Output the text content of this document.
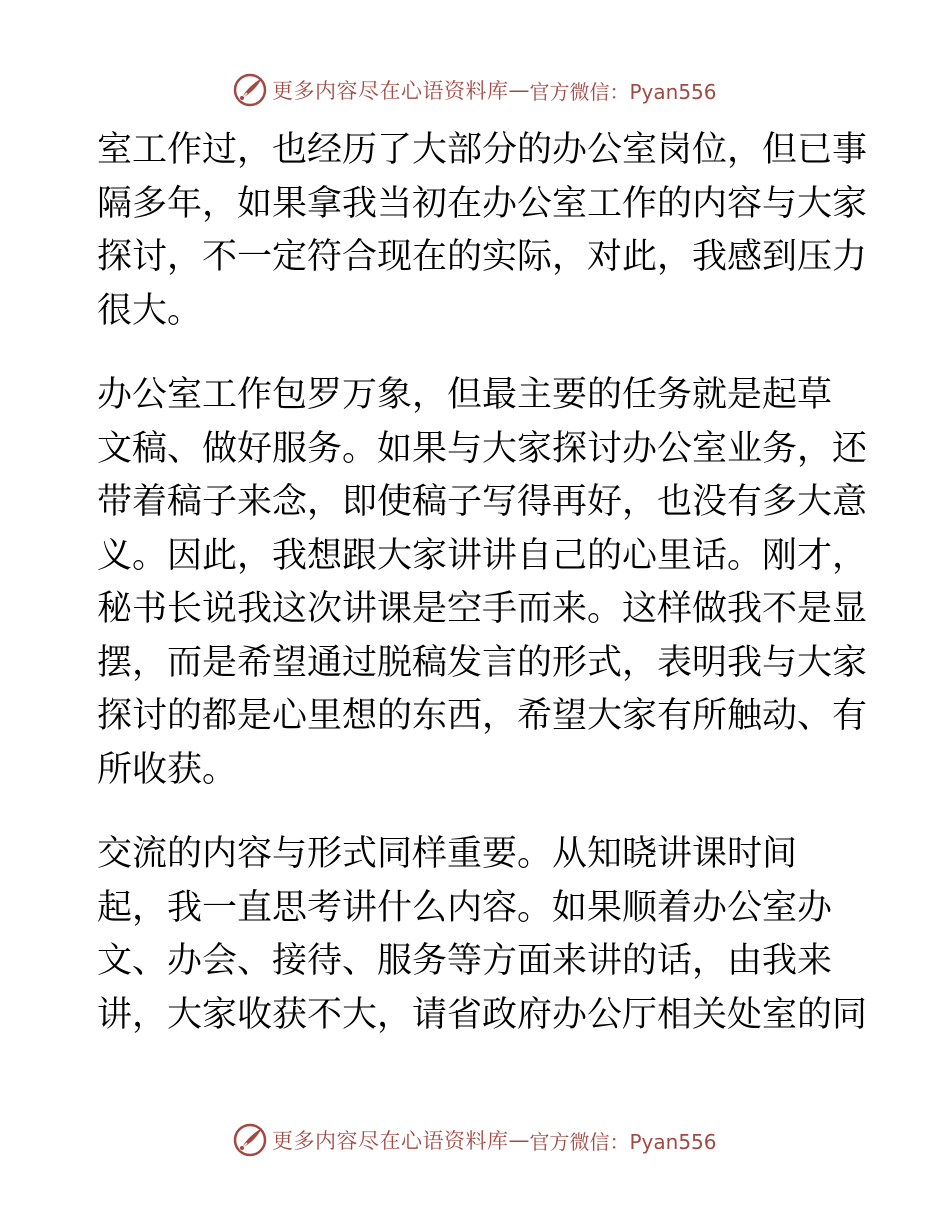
更多内容尽在心语资料库 — 官方微信：Pyan556
室工作过，也经历了大部分的办公室岗位，但已事
隔多年，如果拿我当初在办公室工作的内容与大家
探讨，不一定符合现在的实际，对此，我感到压力
很大。
办公室工作包罗万象，但最主要的任务就是起草
文稿、做好服务。如果与大家探讨办公室业务，还
带着稿子来念，即使稿子写得再好，也没有多大意
义。因此，我想跟大家讲讲自己的心里话。刚才，
秘书长说我这次讲课是空手而来。这样做我不是显
摆，而是希望通过脱稿发言的形式，表明我与大家
探讨的都是心里想的东西，希望大家有所触动、有
所收获。
交流的内容与形式同样重要。从知晓讲课时间
起，我一直思考讲什么内容。如果顺着办公室办
文、办会、接待、服务等方面来讲的话，由我来
讲，大家收获不大，请省政府办公厅相关处室的同
更多内容尽在心语资料库 — 官方微信：Pyan556
